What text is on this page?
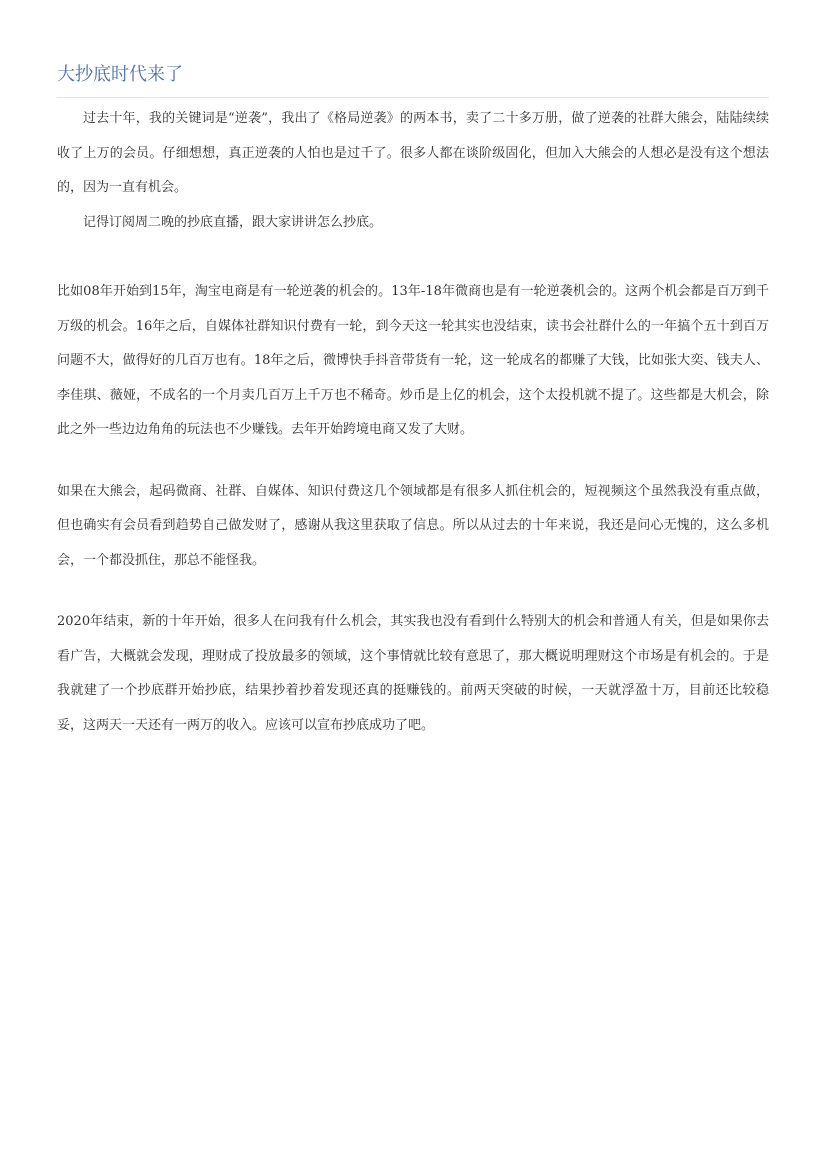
大抄底时代来了

过去十年，我的关键词是“逆袭”，我出了《格局逆袭》的两本书，卖了二十多万册，做了逆袭的社群大熊会，陆陆续续收了上万的会员。仔细想想，真正逆袭的人怕也是过千了。很多人都在谈阶级固化，但加入大熊会的人想必是没有这个想法的，因为一直有机会。

记得订阅周二晚的抄底直播，跟大家讲讲怎么抄底。

比如08年开始到15年，淘宝电商是有一轮逆袭的机会的。13年-18年微商也是有一轮逆袭机会的。这两个机会都是百万到千万级的机会。16年之后，自媒体社群知识付费有一轮，到今天这一轮其实也没结束，读书会社群什么的一年搞个五十到百万问题不大，做得好的几百万也有。18年之后，微博快手抖音带货有一轮，这一轮成名的都赚了大钱，比如张大奕、钱夫人、李佳琪、薇娅，不成名的一个月卖几百万上千万也不稀奇。炒币是上亿的机会，这个太投机就不提了。这些都是大机会，除此之外一些边边角角的玩法也不少赚钱。去年开始跨境电商又发了大财。

如果在大熊会，起码微商、社群、自媒体、知识付费这几个领域都是有很多人抓住机会的，短视频这个虽然我没有重点做，但也确实有会员看到趋势自己做发财了，感谢从我这里获取了信息。所以从过去的十年来说，我还是问心无愧的，这么多机会，一个都没抓住，那总不能怪我。

2020年结束，新的十年开始，很多人在问我有什么机会，其实我也没有看到什么特别大的机会和普通人有关，但是如果你去看广告，大概就会发现，理财成了投放最多的领域，这个事情就比较有意思了，那大概说明理财这个市场是有机会的。于是我就建了一个抄底群开始抄底，结果抄着抄着发现还真的挺赚钱的。前两天突破的时候，一天就浮盈十万，目前还比较稳妥，这两天一天还有一两万的收入。应该可以宣布抄底成功了吧。
